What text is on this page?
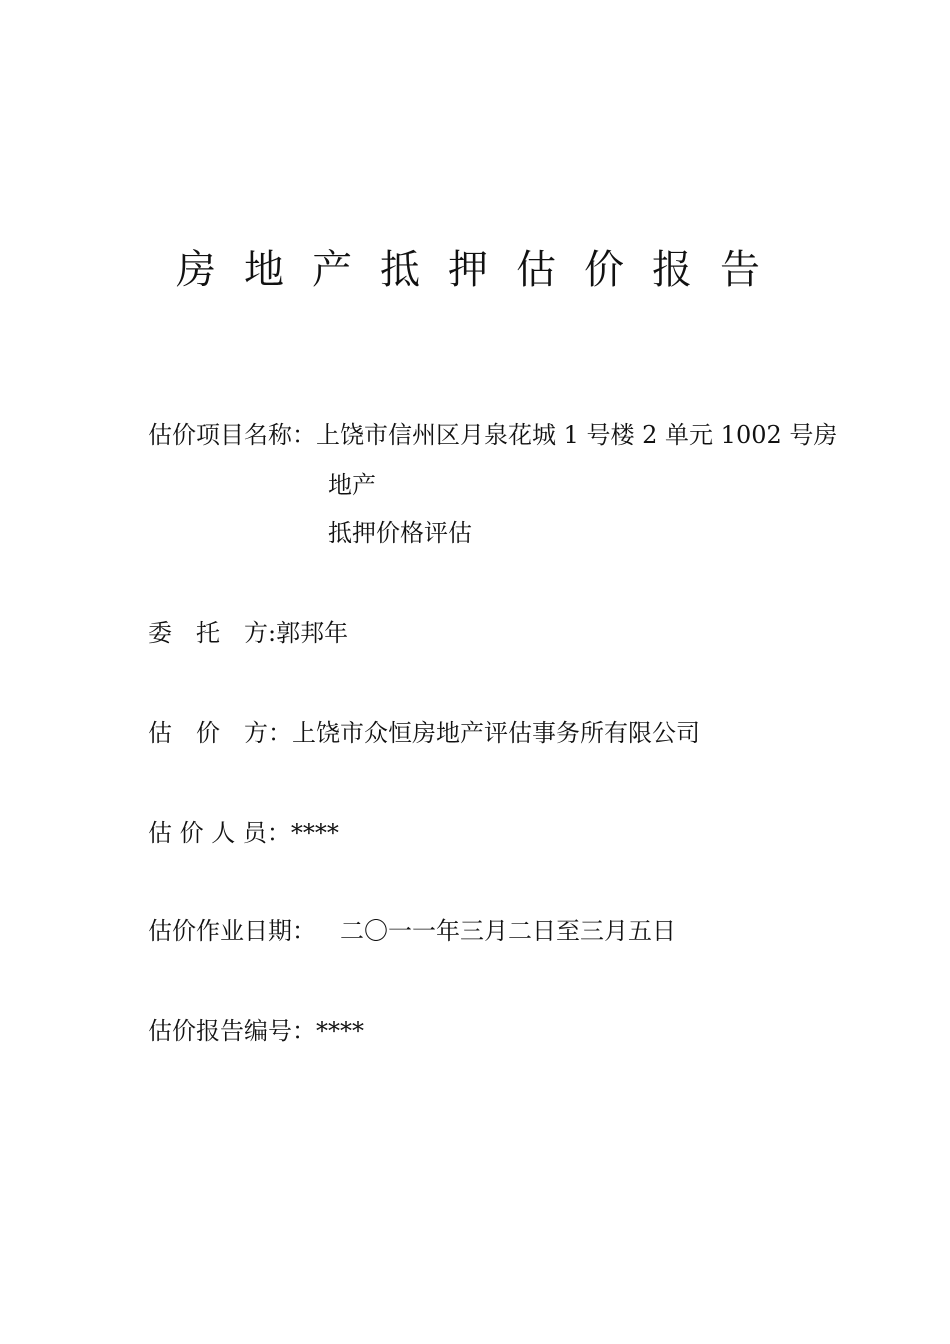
房地产抵押估价报告
估价项目名称：上饶市信州区月泉花城 1 号楼 2 单元 1002 号房
地产
抵押价格评估
委　托　方:郭邦年
估　价　方：上饶市众恒房地产评估事务所有限公司
估 价 人 员：****
估价作业日期： 二〇一一年三月二日至三月五日
估价报告编号：****
